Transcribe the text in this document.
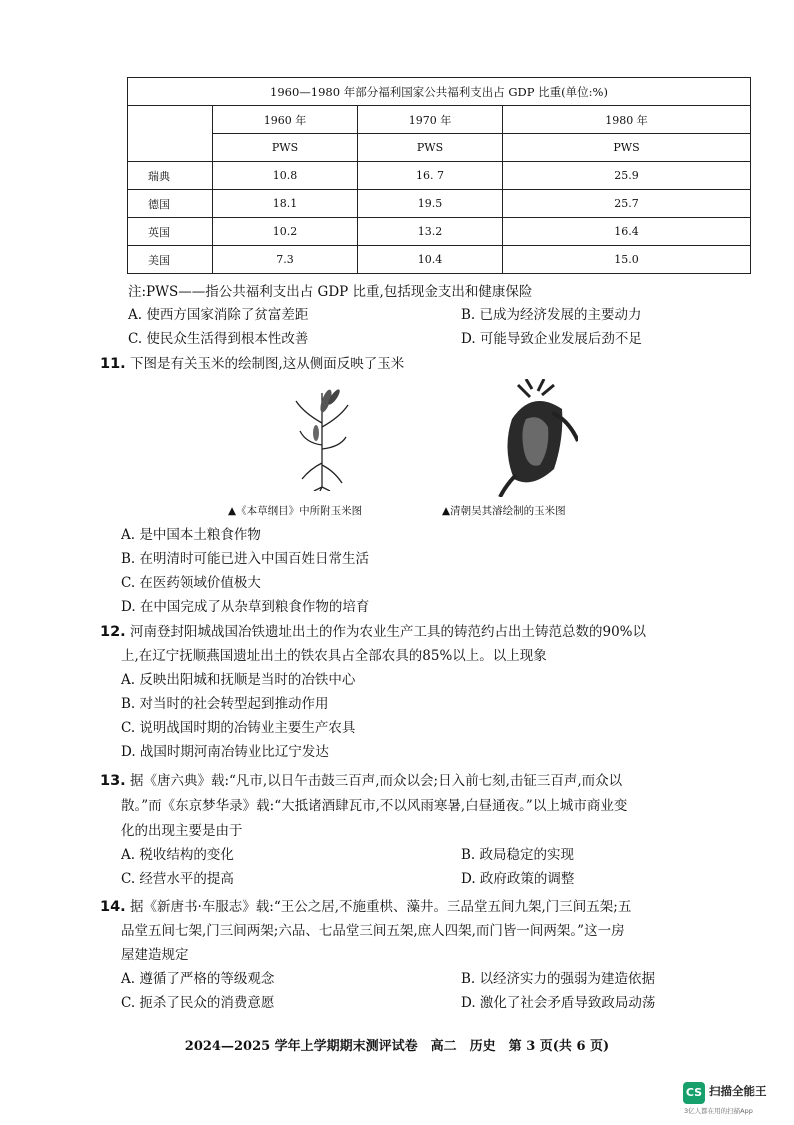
1960—1980 年部分福利国家公共福利支出占 GDP 比重(单位:%)			
	1960 年	1970 年	1980 年
	PWS	PWS	PWS
瑞典	10.8	16. 7	25.9
德国	18.1	19.5	25.7
英国	10.2	13.2	16.4
美国	7.3	10.4	15.0
注:PWS——指公共福利支出占 GDP 比重,包括现金支出和健康保险
A. 使西方国家消除了贫富差距	B. 已成为经济发展的主要动力
C. 使民众生活得到根本性改善	D. 可能导致企业发展后劲不足
11. 下图是有关玉米的绘制图,这从侧面反映了玉米
▲《本草纲目》中所附玉米图	▲清朝吴其濬绘制的玉米图
A. 是中国本土粮食作物
B. 在明清时可能已进入中国百姓日常生活
C. 在医药领域价值极大
D. 在中国完成了从杂草到粮食作物的培育
12. 河南登封阳城战国冶铁遗址出土的作为农业生产工具的铸范约占出土铸范总数的90%以
上,在辽宁抚顺燕国遗址出土的铁农具占全部农具的85%以上。以上现象
A. 反映出阳城和抚顺是当时的冶铁中心
B. 对当时的社会转型起到推动作用
C. 说明战国时期的冶铸业主要生产农具
D. 战国时期河南冶铸业比辽宁发达
13. 据《唐六典》载:“凡市,以日午击鼓三百声,而众以会;日入前七刻,击钲三百声,而众以
散。”而《东京梦华录》载:“大抵诸酒肆瓦市,不以风雨寒暑,白昼通夜。”以上城市商业变
化的出现主要是由于
A. 税收结构的变化	B. 政局稳定的实现
C. 经营水平的提高	D. 政府政策的调整
14. 据《新唐书·车服志》载:“王公之居,不施重栱、藻井。三品堂五间九架,门三间五架;五
品堂五间七架,门三间两架;六品、七品堂三间五架,庶人四架,而门皆一间两架。”这一房
屋建造规定
A. 遵循了严格的等级观念	B. 以经济实力的强弱为建造依据
C. 扼杀了民众的消费意愿	D. 激化了社会矛盾导致政局动荡
2024—2025 学年上学期期末测评试卷　高二　历史　第 3 页(共 6 页)
CS 扫描全能王
3亿人都在用的扫描App
